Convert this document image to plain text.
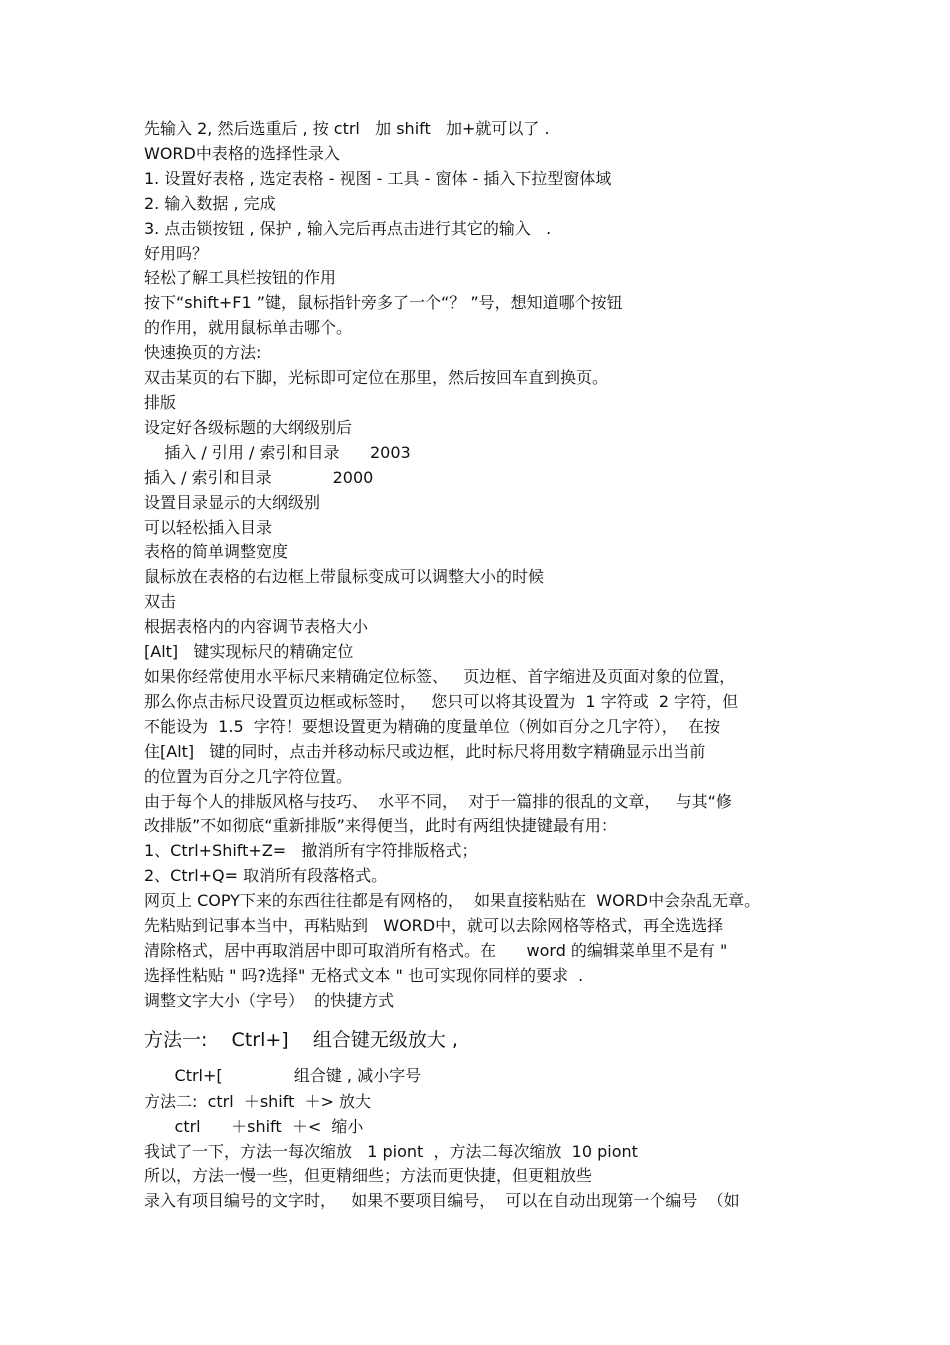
先输入 2, 然后选重后 , 按 ctrl   加 shift   加+就可以了 .
WORD中表格的选择性录入
1. 设置好表格 , 选定表格 - 视图 - 工具 - 窗体 - 插入下拉型窗体域
2. 输入数据 , 完成
3. 点击锁按钮 , 保护 , 输入完后再点击进行其它的输入   .
好用吗？
轻松了解工具栏按钮的作用
按下“shift+F1 ”键，鼠标指针旁多了一个“？ ”号，想知道哪个按钮
的作用，就用鼠标单击哪个。
快速换页的方法:
双击某页的右下脚，光标即可定位在那里，然后按回车直到换页。
排版
设定好各级标题的大纲级别后
插入 / 引用 / 索引和目录      2003
插入 / 索引和目录            2000
设置目录显示的大纲级别
可以轻松插入目录
表格的简单调整宽度
鼠标放在表格的右边框上带鼠标变成可以调整大小的时候
双击
根据表格内的内容调节表格大小
[Alt]   键实现标尺的精确定位
如果你经常使用水平标尺来精确定位标签、   页边框、首字缩进及页面对象的位置，
那么你点击标尺设置页边框或标签时，   您只可以将其设置为  1 字符或  2 字符，但
不能设为  1.5  字符！要想设置更为精确的度量单位（例如百分之几字符），  在按
住[Alt]   键的同时，点击并移动标尺或边框，此时标尺将用数字精确显示出当前
的位置为百分之几字符位置。
由于每个人的排版风格与技巧、  水平不同，  对于一篇排的很乱的文章，   与其“修
改排版”不如彻底“重新排版”来得便当，此时有两组快捷键最有用：
1、Ctrl+Shift+Z=   撤消所有字符排版格式；
2、Ctrl+Q= 取消所有段落格式。
网页上 COPY下来的东西往往都是有网格的，  如果直接粘贴在  WORD中会杂乱无章。
先粘贴到记事本当中，再粘贴到   WORD中，就可以去除网格等格式，再全选选择
清除格式，居中再取消居中即可取消所有格式。在      word 的编辑菜单里不是有 "
选择性粘贴 " 吗?选择" 无格式文本 " 也可实现你同样的要求  .
调整文字大小（字号）  的快捷方式
方法一:    Ctrl+]    组合键无级放大 ,
Ctrl+[              组合键 , 减小字号
方法二:  ctrl  ＋shift  ＋> 放大
ctrl      ＋shift  ＋<  缩小
我试了一下，方法一每次缩放   1 piont  ，方法二每次缩放  10 piont
所以，方法一慢一些，但更精细些；方法而更快捷，但更粗放些
录入有项目编号的文字时，   如果不要项目编号，  可以在自动出现第一个编号  （如
